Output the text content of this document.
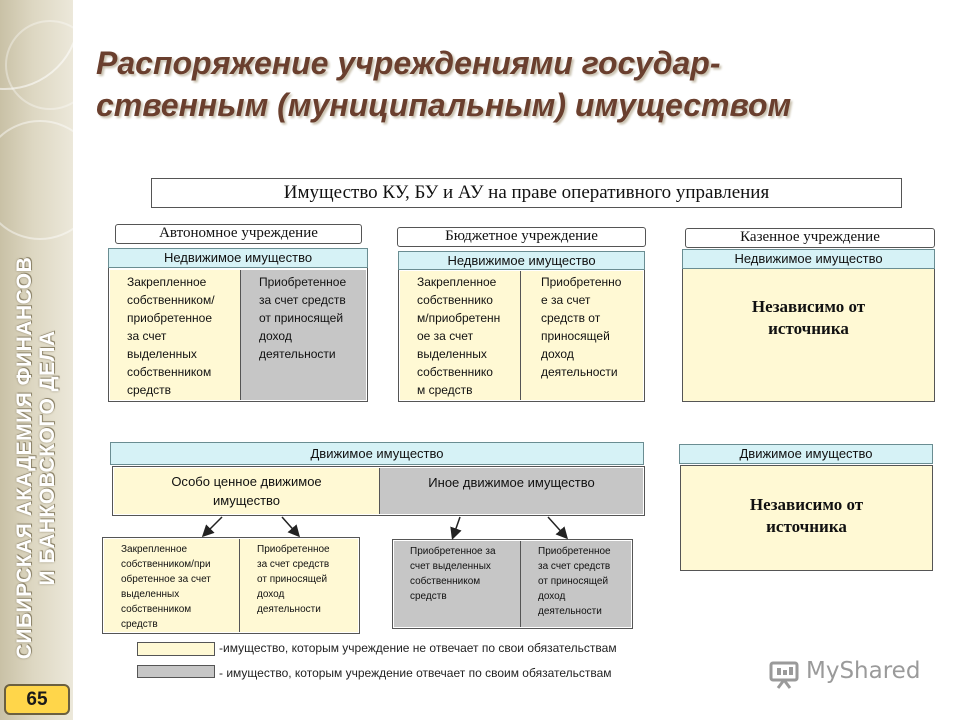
СИБИРСКАЯ АКАДЕМИЯ ФИНАНСОВ И БАНКОВСКОГО ДЕЛА
65
Распоряжение учреждениями государ-
ственным (муниципальным) имуществом
Имущество КУ, БУ и АУ на праве оперативного управления
Автономное учреждение	Бюджетное учреждение	Казенное учреждение
Недвижимое имущество
Закрепленное
собственником/
приобретенное
за счет
выделенных
собственником
средств
Приобретенное
за счет средств
от приносящей
доход
деятельности
Недвижимое имущество
Закрепленное
собственнико
м/приобретенн
ое за счет
выделенных
собственнико
м средств
Приобретенно
е за счет
средств от
приносящей
доход
деятельности
Недвижимое имущество
Независимо от
источника
Движимое имущество
Особо ценное движимое
имущество
Иное движимое имущество
Закрепленное
собственником/при
обретенное за счет
выделенных
собственником
средств
Приобретенное
за счет средств
от приносящей
доход
деятельности
Приобретенное за
счет выделенных
собственником
средств
Приобретенное
за счет средств
от приносящей
доход
деятельности
Движимое имущество
Независимо от
источника
-имущество, которым учреждение не отвечает по свои обязательствам
- имущество, которым учреждение отвечает по своим обязательствам	MyShared
